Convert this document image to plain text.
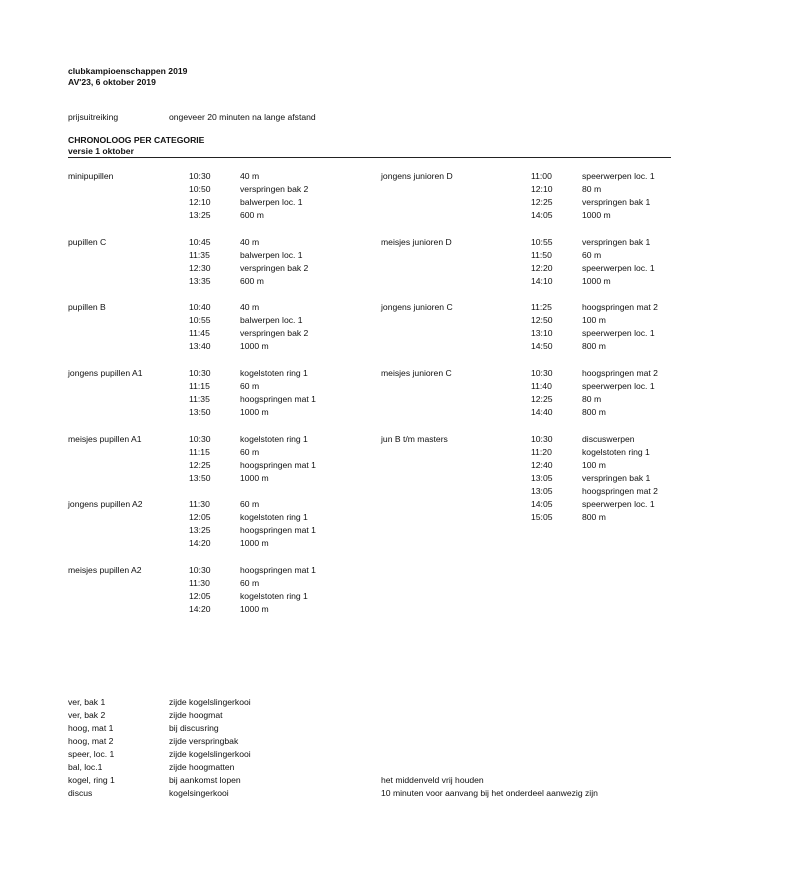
clubkampioenschappen 2019
AV'23, 6 oktober 2019
prijsuitreiking	ongeveer 20 minuten na lange afstand
CHRONOLOOG PER CATEGORIE
versie 1 oktober
minipupillen	10:30	40 m
10:50	verspringen bak 2
12:10	balwerpen loc. 1
13:25	600 m
pupillen C	10:45	40 m
11:35	balwerpen loc. 1
12:30	verspringen bak 2
13:35	600 m
pupillen B	10:40	40 m
10:55	balwerpen loc. 1
11:45	verspringen bak 2
13:40	1000 m
jongens pupillen A1	10:30	kogelstoten ring 1
11:15	60 m
11:35	hoogspringen mat 1
13:50	1000 m
meisjes pupillen A1	10:30	kogelstoten ring 1
11:15	60 m
12:25	hoogspringen mat 1
13:50	1000 m
jongens pupillen A2	11:30	60 m
12:05	kogelstoten ring 1
13:25	hoogspringen mat 1
14:20	1000 m
meisjes pupillen A2	10:30	hoogspringen mat 1
11:30	60 m
12:05	kogelstoten ring 1
14:20	1000 m
jongens junioren D	11:00	speerwerpen loc. 1
12:10	80 m
12:25	verspringen bak 1
14:05	1000 m
meisjes junioren D	10:55	verspringen bak 1
11:50	60 m
12:20	speerwerpen loc. 1
14:10	1000 m
jongens junioren C	11:25	hoogspringen mat 2
12:50	100 m
13:10	speerwerpen loc. 1
14:50	800 m
meisjes junioren C	10:30	hoogspringen mat 2
11:40	speerwerpen loc. 1
12:25	80 m
14:40	800 m
jun B t/m masters	10:30	discuswerpen
11:20	kogelstoten ring 1
12:40	100 m
13:05	verspringen bak 1
13:05	hoogspringen mat 2
14:05	speerwerpen loc. 1
15:05	800 m
ver, bak 1	zijde kogelslingerkooi
ver, bak 2	zijde hoogmat
hoog, mat 1	bij discusring
hoog, mat 2	zijde verspringbak
speer, loc. 1	zijde kogelslingerkooi
bal, loc.1	zijde hoogmatten
kogel, ring 1	bij aankomst lopen	het middenveld vrij houden
discus	kogelsingerkooi	10 minuten voor aanvang bij het onderdeel aanwezig zijn
